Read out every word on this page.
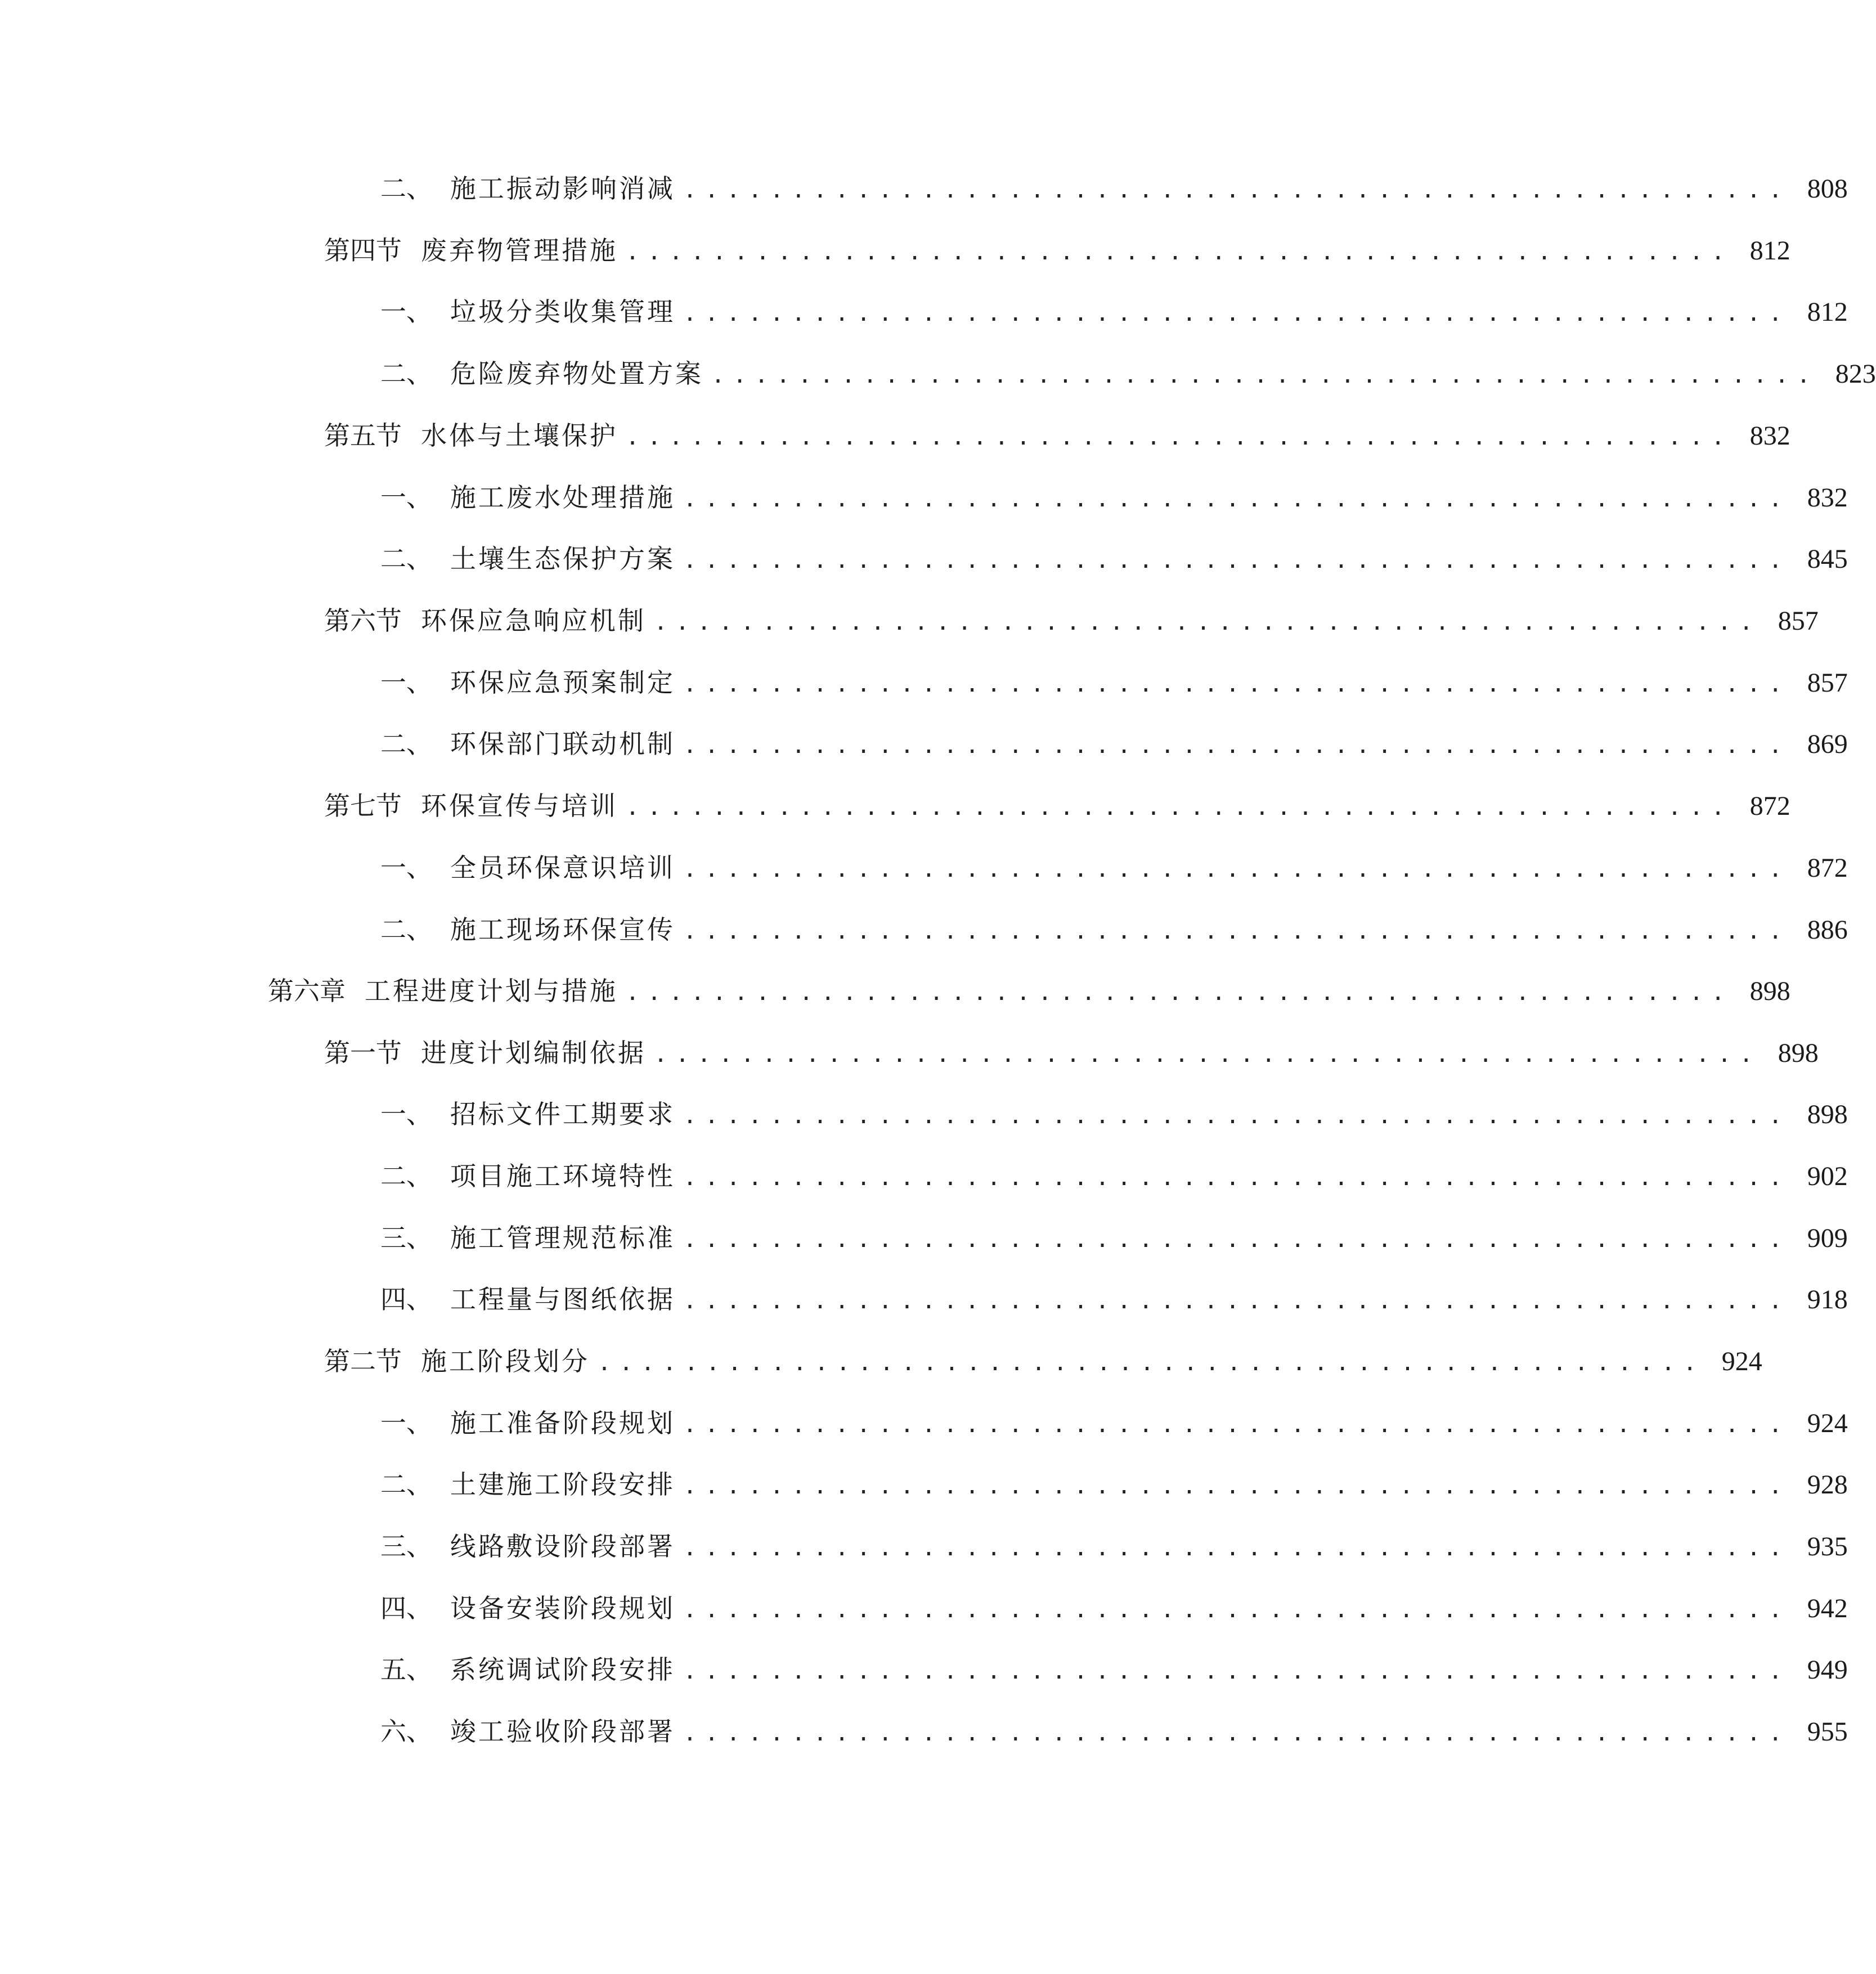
二、 施工振动影响消减 ................................................... 808
第四节 废弃物管理措施 ................................................... 812
一、 垃圾分类收集管理 ................................................... 812
二、 危险废弃物处置方案 ................................................... 823
第五节 水体与土壤保护 ................................................... 832
一、 施工废水处理措施 ................................................... 832
二、 土壤生态保护方案 ................................................... 845
第六节 环保应急响应机制 ................................................... 857
一、 环保应急预案制定 ................................................... 857
二、 环保部门联动机制 ................................................... 869
第七节 环保宣传与培训 ................................................... 872
一、 全员环保意识培训 ................................................... 872
二、 施工现场环保宣传 ................................................... 886
第六章 工程进度计划与措施 ................................................... 898
第一节 进度计划编制依据 ................................................... 898
一、 招标文件工期要求 ................................................... 898
二、 项目施工环境特性 ................................................... 902
三、 施工管理规范标准 ................................................... 909
四、 工程量与图纸依据 ................................................... 918
第二节 施工阶段划分 ................................................... 924
一、 施工准备阶段规划 ................................................... 924
二、 土建施工阶段安排 ................................................... 928
三、 线路敷设阶段部署 ................................................... 935
四、 设备安装阶段规划 ................................................... 942
五、 系统调试阶段安排 ................................................... 949
六、 竣工验收阶段部署 ................................................... 955
